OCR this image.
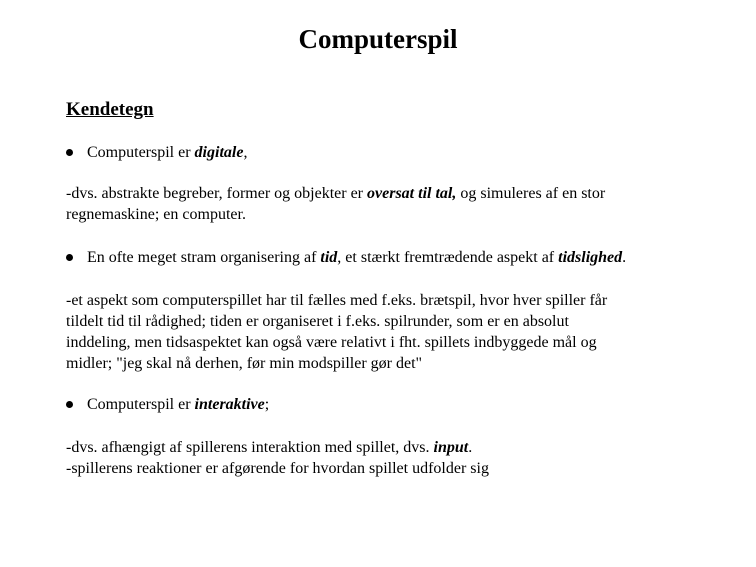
Computerspil
Kendetegn
Computerspil er digitale,
-dvs. abstrakte begreber, former og objekter er oversat til tal, og simuleres af en stor
regnemaskine; en computer.
En ofte meget stram organisering af tid, et stærkt fremtrædende aspekt af tidslighed.
-et aspekt som computerspillet har til fælles med f.eks. brætspil, hvor hver spiller får
tildelt tid til rådighed; tiden er organiseret i f.eks. spilrunder, som er en absolut
inddeling, men tidsaspektet kan også være relativt i fht. spillets indbyggede mål og
midler; "jeg skal nå derhen, før min modspiller gør det"
Computerspil er interaktive;
-dvs. afhængigt af spillerens interaktion med spillet, dvs. input.
-spillerens reaktioner er afgørende for hvordan spillet udfolder sig
